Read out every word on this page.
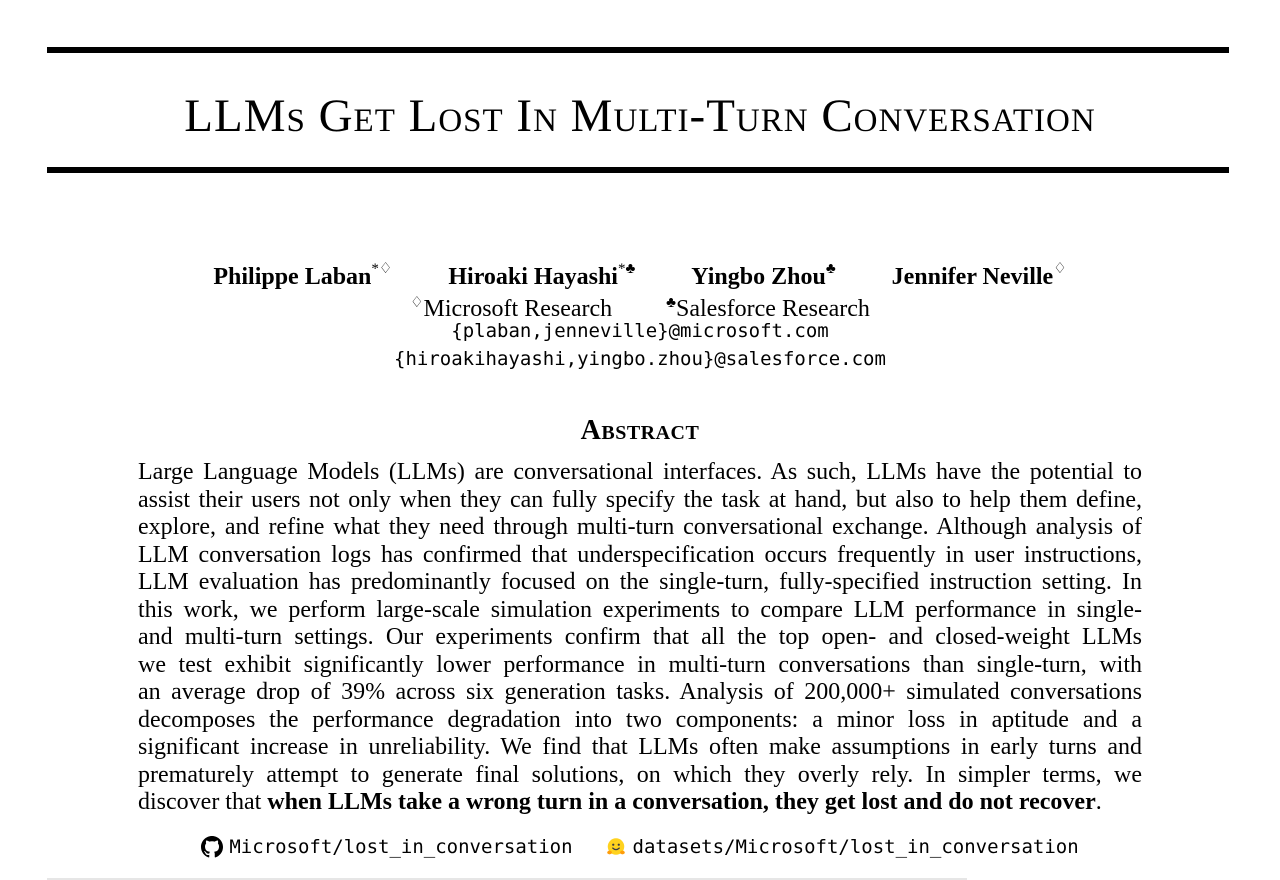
LLMs Get Lost In Multi-Turn Conversation
Philippe Laban*♢ Hiroaki Hayashi*♣ Yingbo Zhou♣ Jennifer Neville♢
♢Microsoft Research	♣Salesforce Research
{plaban,jenneville}@microsoft.com
{hiroakihayashi,yingbo.zhou}@salesforce.com
Abstract
Large Language Models (LLMs) are conversational interfaces. As such, LLMs have the potential to
assist their users not only when they can fully specify the task at hand, but also to help them define,
explore, and refine what they need through multi-turn conversational exchange. Although analysis of
LLM conversation logs has confirmed that underspecification occurs frequently in user instructions,
LLM evaluation has predominantly focused on the single-turn, fully-specified instruction setting. In
this work, we perform large-scale simulation experiments to compare LLM performance in single-
and multi-turn settings. Our experiments confirm that all the top open- and closed-weight LLMs
we test exhibit significantly lower performance in multi-turn conversations than single-turn, with
an average drop of 39% across six generation tasks. Analysis of 200,000+ simulated conversations
decomposes the performance degradation into two components: a minor loss in aptitude and a
significant increase in unreliability. We find that LLMs often make assumptions in early turns and
prematurely attempt to generate final solutions, on which they overly rely. In simpler terms, we
discover that when LLMs take a wrong turn in a conversation, they get lost and do not recover.
Microsoft/lost_in_conversation	datasets/Microsoft/lost_in_conversation
